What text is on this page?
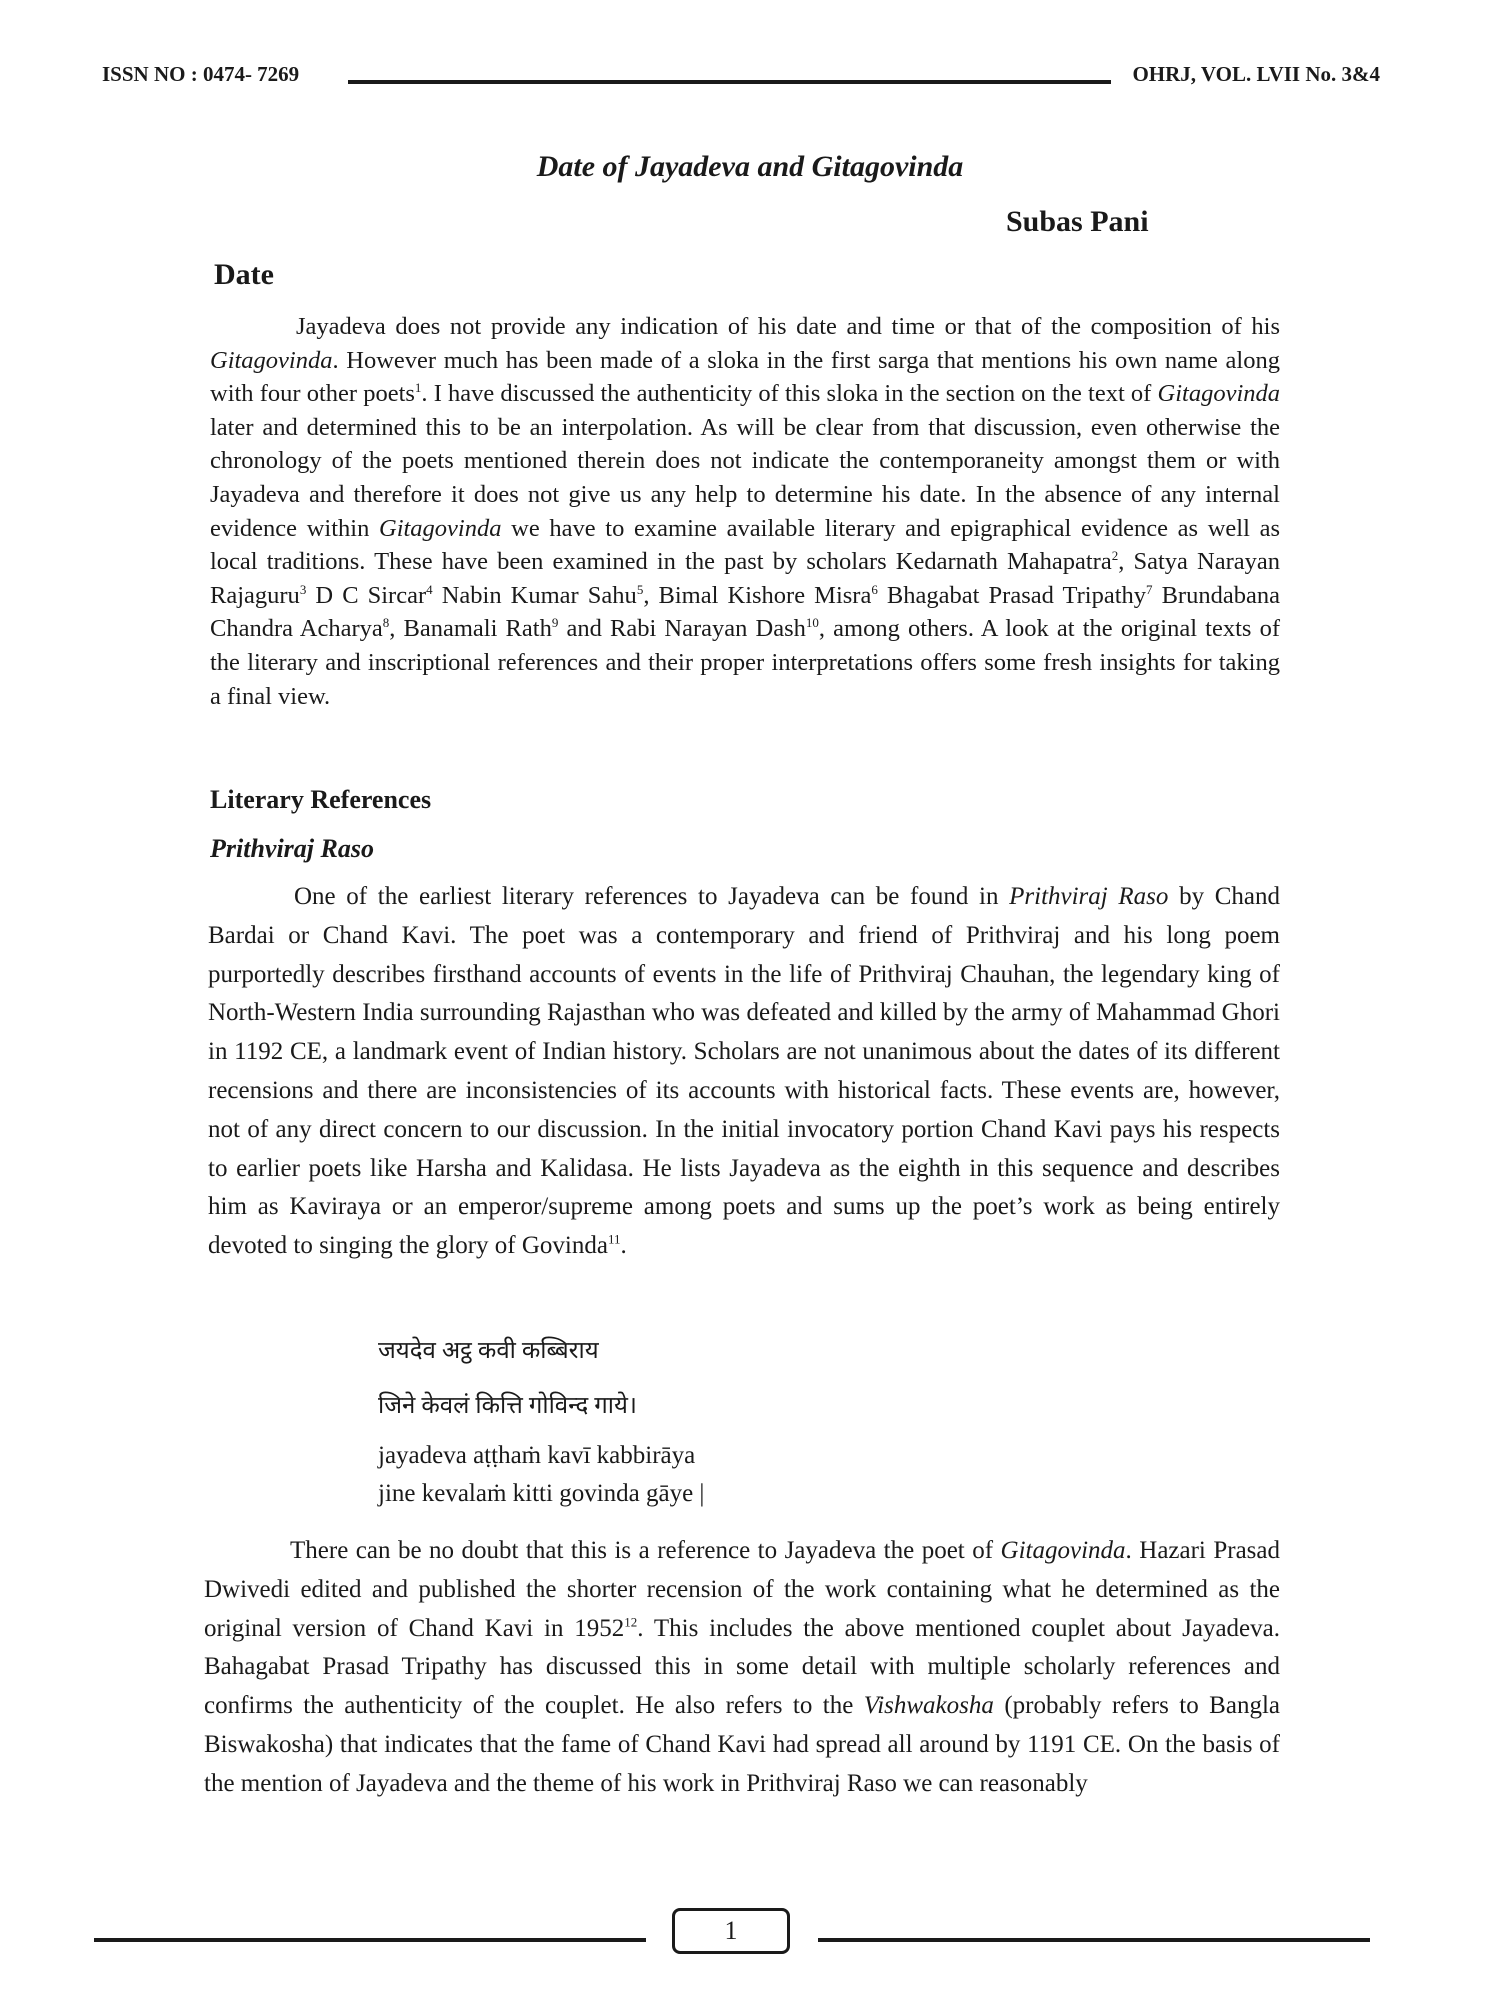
ISSN NO : 0474- 7269	OHRJ, VOL. LVII No. 3&4
Date of Jayadeva and Gitagovinda
Subas Pani
Date

Jayadeva does not provide any indication of his date and time or that of the composition of his Gitagovinda. However much has been made of a sloka in the first sarga that mentions his own name along with four other poets$^1$. I have discussed the authenticity of this sloka in the section on the text of Gitagovinda later and determined this to be an interpolation. As will be clear from that discussion, even otherwise the chronology of the poets mentioned therein does not indicate the contemporaneity amongst them or with Jayadeva and therefore it does not give us any help to determine his date. In the absence of any internal evidence within Gitagovinda we have to examine available literary and epigraphical evidence as well as local traditions. These have been examined in the past by scholars Kedarnath Mahapatra$^2$, Satya Narayan Rajaguru$^3$ D C Sircar$^4$ Nabin Kumar Sahu$^5$, Bimal Kishore Misra$^6$ Bhagabat Prasad Tripathy$^7$ Brundabana Chandra Acharya$^8$, Banamali Rath$^9$ and Rabi Narayan Dash$^{10}$, among others. A look at the original texts of the literary and inscriptional references and their proper interpretations offers some fresh insights for taking a final view.

Literary References
Prithviraj Raso

One of the earliest literary references to Jayadeva can be found in Prithviraj Raso by Chand Bardai or Chand Kavi. The poet was a contemporary and friend of Prithviraj and his long poem purportedly describes firsthand accounts of events in the life of Prithviraj Chauhan, the legendary king of North-Western India surrounding Rajasthan who was defeated and killed by the army of Mahammad Ghori in 1192 CE, a landmark event of Indian history. Scholars are not unanimous about the dates of its different recensions and there are inconsistencies of its accounts with historical facts. These events are, however, not of any direct concern to our discussion. In the initial invocatory portion Chand Kavi pays his respects to earlier poets like Harsha and Kalidasa. He lists Jayadeva as the eighth in this sequence and describes him as Kaviraya or an emperor/supreme among poets and sums up the poet’s work as being entirely devoted to singing the glory of Govinda$^{11}$.

जयदेव अट्ठ कवी कब्बिराय
जिने केवलं कित्ति गोविन्द गाये।
jayadeva aṭṭhaṁ kavī kabbirāya
jine kevalaṁ kitti govinda gāye |

There can be no doubt that this is a reference to Jayadeva the poet of Gitagovinda. Hazari Prasad Dwivedi edited and published the shorter recension of the work containing what he determined as the original version of Chand Kavi in 1952$^{12}$. This includes the above mentioned couplet about Jayadeva. Bahagabat Prasad Tripathy has discussed this in some detail with multiple scholarly references and confirms the authenticity of the couplet. He also refers to the Vishwakosha (probably refers to Bangla Biswakosha) that indicates that the fame of Chand Kavi had spread all around by 1191 CE. On the basis of the mention of Jayadeva and the theme of his work in Prithviraj Raso we can reasonably

1
